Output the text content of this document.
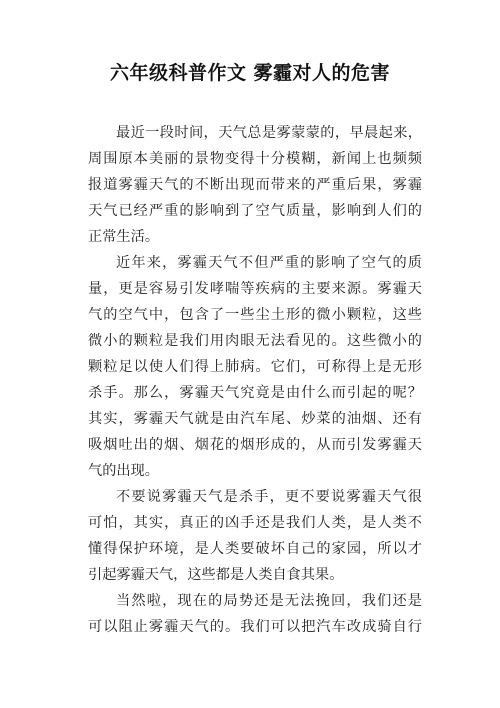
六年级科普作文 雾霾对人的危害
最近一段时间，天气总是雾蒙蒙的，早晨起来，
周围原本美丽的景物变得十分模糊，新闻上也频频
报道雾霾天气的不断出现而带来的严重后果，雾霾
天气已经严重的影响到了空气质量，影响到人们的
正常生活。
近年来，雾霾天气不但严重的影响了空气的质
量，更是容易引发哮喘等疾病的主要来源。雾霾天
气的空气中，包含了一些尘土形的微小颗粒，这些
微小的颗粒是我们用肉眼无法看见的。这些微小的
颗粒足以使人们得上肺病。它们，可称得上是无形
杀手。那么，雾霾天气究竟是由什么而引起的呢？
其实，雾霾天气就是由汽车尾、炒菜的油烟、还有
吸烟吐出的烟、烟花的烟形成的，从而引发雾霾天
气的出现。
不要说雾霾天气是杀手，更不要说雾霾天气很
可怕，其实，真正的凶手还是我们人类，是人类不
懂得保护环境，是人类要破坏自己的家园，所以才
引起雾霾天气，这些都是人类自食其果。
当然啦，现在的局势还是无法挽回，我们还是
可以阻止雾霾天气的。我们可以把汽车改成骑自行
